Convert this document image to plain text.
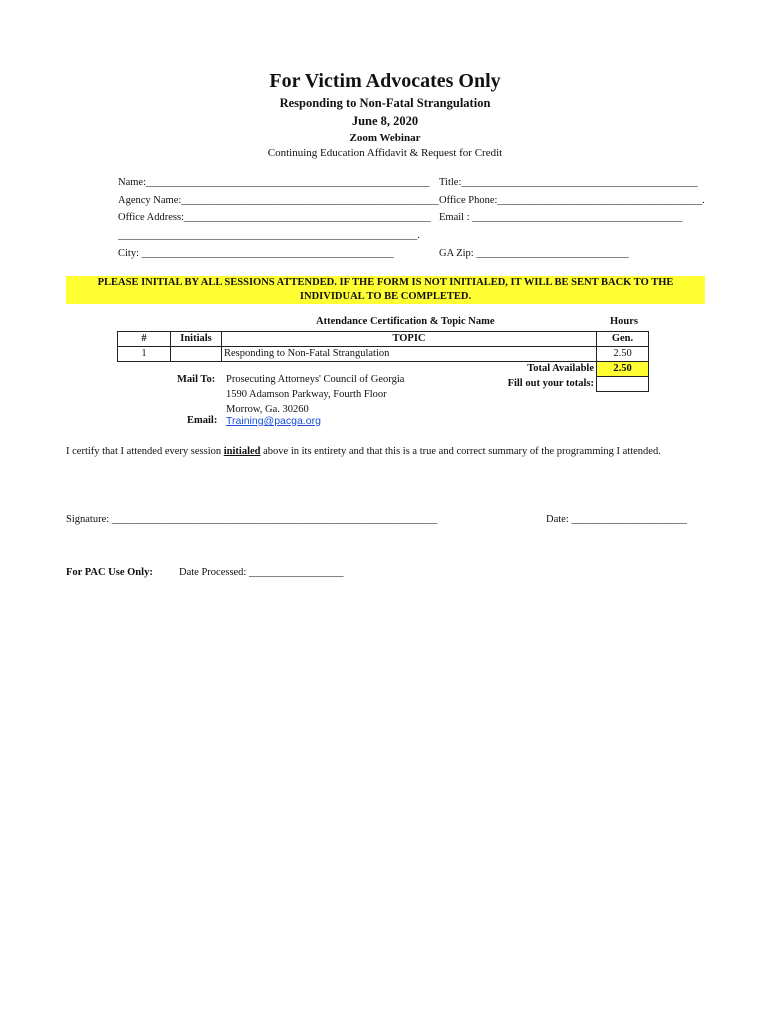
For Victim Advocates Only
Responding to Non-Fatal Strangulation
June 8, 2020
Zoom Webinar
Continuing Education Affidavit & Request for Credit
Name:______________________________________________________ Title:_____________________________________________
Agency Name:_________________________________________________ Office Phone:_______________________________________.
Office Address:_______________________________________________ Email : ________________________________________
_________________________________________________________.
City: ________________________________________________	GA Zip: _____________________________
PLEASE INITIAL BY ALL SESSIONS ATTENDED. IF THE FORM IS NOT INITIALED, IT WILL BE SENT BACK TO THE
INDIVIDUAL TO BE COMPLETED.
Attendance Certification & Topic Name	Hours
#	Initials	TOPIC	Gen.
1		Responding to Non-Fatal Strangulation	2.50
		Total Available	2.50
		Fill out your totals:	
Mail To: Prosecuting Attorneys' Council of Georgia
1590 Adamson Parkway, Fourth Floor
Morrow, Ga. 30260
Email: Training@pacga.org
I certify that I attended every session initialed above in its entirety and that this is a true and correct summary of the programming I attended.
Signature: ______________________________________________________________	Date: ______________________
For PAC Use Only: Date Processed: __________________
